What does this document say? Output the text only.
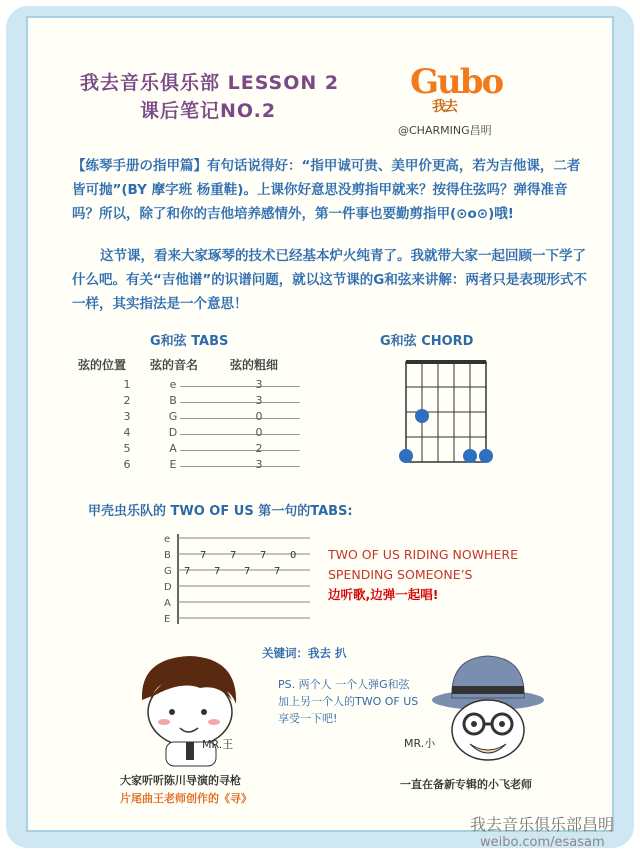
我去音乐俱乐部 LESSON 2
课后笔记NO.2
Gubo
我去
@CHARMING昌明
【练琴手册の指甲篇】有句话说得好：“指甲诚可贵、美甲价更高，若为吉他课，二者皆可抛”(BY 摩字班 杨重鞋)。上课你好意思没剪指甲就来？按得住弦吗？弹得准音吗？所以，除了和你的吉他培养感情外，第一件事也要勤剪指甲(⊙o⊙)哦!
这节课，看来大家琢琴的技术已经基本炉火纯青了。我就带大家一起回顾一下学了什么吧。有关“吉他谱”的识谱问题，就以这节课的G和弦来讲解：两者只是表现形式不一样，其实指法是一个意思！
G和弦 TABS
弦的位置 弦的音名	弦的粗细
1	e	3
2	B	3
3	G	0
4	D	0
5	A	2
6	E	3
G和弦 CHORD
甲壳虫乐队的 TWO OF US 第一句的TABS:
e
B
G
D
A
E
7 7 7 0
7 7 7 7
TWO OF US RIDING NOWHERE
SPENDING SOMEONE’S
边听歌,边弹一起唱!
关键词：我去 扒
PS. 两个人 一个人弹G和弦
加上另一个人的TWO OF US
享受一下吧!
MR.王	MR.小
大家听听陈川导演的寻枪
片尾曲王老师创作的《寻》
一直在备新专辑的小飞老师
我去音乐俱乐部昌明
weibo.com/esasam
